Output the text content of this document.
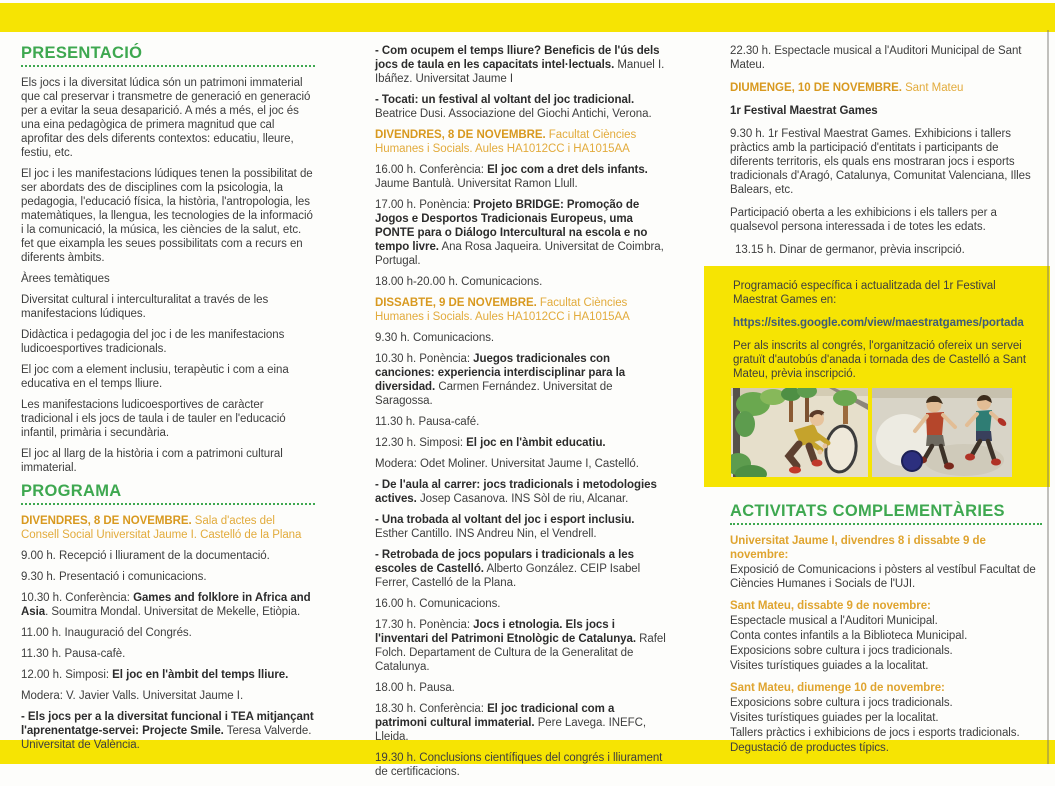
PRESENTACIÓ

Els jocs i la diversitat lúdica són un patrimoni immaterial que cal preservar i transmetre de generació en generació per a evitar la seua desaparició. A més a més, el joc és una eina pedagògica de primera magnitud que cal aprofitar des dels diferents contextos: educatiu, lleure, festiu, etc.

El joc i les manifestacions lúdiques tenen la possibilitat de ser abordats des de disciplines com la psicologia, la pedagogia, l'educació física, la història, l'antropologia, les matemàtiques, la llengua, les tecnologies de la informació i la comunicació, la música, les ciències de la salut, etc. fet que eixampla les seues possibilitats com a recurs en diferents àmbits.

Àrees temàtiques

Diversitat cultural i interculturalitat a través de les manifestacions lúdiques.

Didàctica i pedagogia del joc i de les manifestacions ludicoesportives tradicionals.

El joc com a element inclusiu, terapèutic i com a eina educativa en el temps lliure.

Les manifestacions ludicoesportives de caràcter tradicional i els jocs de taula i de tauler en l'educació infantil, primària i secundària.

El joc al llarg de la història i com a patrimoni cultural immaterial.

PROGRAMA

DIVENDRES, 8 DE NOVEMBRE. Sala d'actes del Consell Social Universitat Jaume I. Castelló de la Plana

9.00 h. Recepció i lliurament de la documentació.

9.30 h. Presentació i comunicacions.

10.30 h. Conferència: Games and folklore in Africa and Asia. Soumitra Mondal. Universitat de Mekelle, Etiòpia.

11.00 h. Inauguració del Congrés.

11.30 h. Pausa-cafè.

12.00 h. Simposi: El joc en l'àmbit del temps lliure.

Modera: V. Javier Valls. Universitat Jaume I.

- Els jocs per a la diversitat funcional i TEA mitjançant l'aprenentatge-servei: Projecte Smile. Teresa Valverde. Universitat de València.

- Com ocupem el temps lliure? Beneficis de l'ús dels jocs de taula en les capacitats intel·lectuals. Manuel I. Ibáñez. Universitat Jaume I

- Tocati: un festival al voltant del joc tradicional. Beatrice Dusi. Associazione del Giochi Antichi, Verona.

DIVENDRES, 8 DE NOVEMBRE. Facultat Ciències Humanes i Socials. Aules HA1012CC i HA1015AA

16.00 h. Conferència: El joc com a dret dels infants. Jaume Bantulà. Universitat Ramon Llull.

17.00 h. Ponència: Projeto BRIDGE: Promoção de Jogos e Desportos Tradicionais Europeus, uma PONTE para o Diálogo Intercultural na escola e no tempo livre. Ana Rosa Jaqueira. Universitat de Coimbra, Portugal.

18.00 h-20.00 h. Comunicacions.

DISSABTE, 9 DE NOVEMBRE. Facultat Ciències Humanes i Socials. Aules HA1012CC i HA1015AA

9.30 h. Comunicacions.

10.30 h. Ponència: Juegos tradicionales con canciones: experiencia interdisciplinar para la diversidad. Carmen Fernández. Universitat de Saragossa.

11.30 h. Pausa-café.

12.30 h. Simposi: El joc en l'àmbit educatiu.

Modera: Odet Moliner. Universitat Jaume I, Castelló.

- De l'aula al carrer: jocs tradicionals i metodologies actives. Josep Casanova. INS Sòl de riu, Alcanar.

- Una trobada al voltant del joc i esport inclusiu. Esther Cantillo. INS Andreu Nin, el Vendrell.

- Retrobada de jocs populars i tradicionals a les escoles de Castelló. Alberto González. CEIP Isabel Ferrer, Castelló de la Plana.

16.00 h. Comunicacions.

17.30 h. Ponència: Jocs i etnologia. Els jocs i l'inventari del Patrimoni Etnològic de Catalunya. Rafel Folch. Departament de Cultura de la Generalitat de Catalunya.

18.00 h. Pausa.

18.30 h. Conferència: El joc tradicional com a patrimoni cultural immaterial. Pere Lavega. INEFC, Lleida.

19.30 h. Conclusions científiques del congrés i lliurament de certificacions.

22.30 h. Espectacle musical a l'Auditori Municipal de Sant Mateu.

DIUMENGE, 10 DE NOVEMBRE. Sant Mateu

1r Festival Maestrat Games

9.30 h. 1r Festival Maestrat Games. Exhibicions i tallers pràctics amb la participació d'entitats i participants de diferents territoris, els quals ens mostraran jocs i esports tradicionals d'Aragó, Catalunya, Comunitat Valenciana, Illes Balears, etc.

Participació oberta a les exhibicions i els tallers per a qualsevol persona interessada i de totes les edats.

13.15 h. Dinar de germanor, prèvia inscripció.

Programació específica i actualitzada del 1r Festival Maestrat Games en:

https://sites.google.com/view/maestratgames/portada

Per als inscrits al congrés, l'organització ofereix un servei gratuït d'autobús d'anada i tornada des de Castelló a Sant Mateu, prèvia inscripció.

ACTIVITATS COMPLEMENTÀRIES

Universitat Jaume I, divendres 8 i dissabte 9 de novembre:

Exposició de Comunicacions i pòsters al vestíbul Facultat de Ciències Humanes i Socials de l'UJI.

Sant Mateu, dissabte 9 de novembre:

Espectacle musical a l'Auditori Municipal.

Conta contes infantils a la Biblioteca Municipal.

Exposicions sobre cultura i jocs tradicionals.

Visites turístiques guiades a la localitat.

Sant Mateu, diumenge 10 de novembre:

Exposicions sobre cultura i jocs tradicionals.

Visites turístiques guiades per la localitat.

Tallers pràctics i exhibicions de jocs i esports tradicionals.

Degustació de productes típics.
